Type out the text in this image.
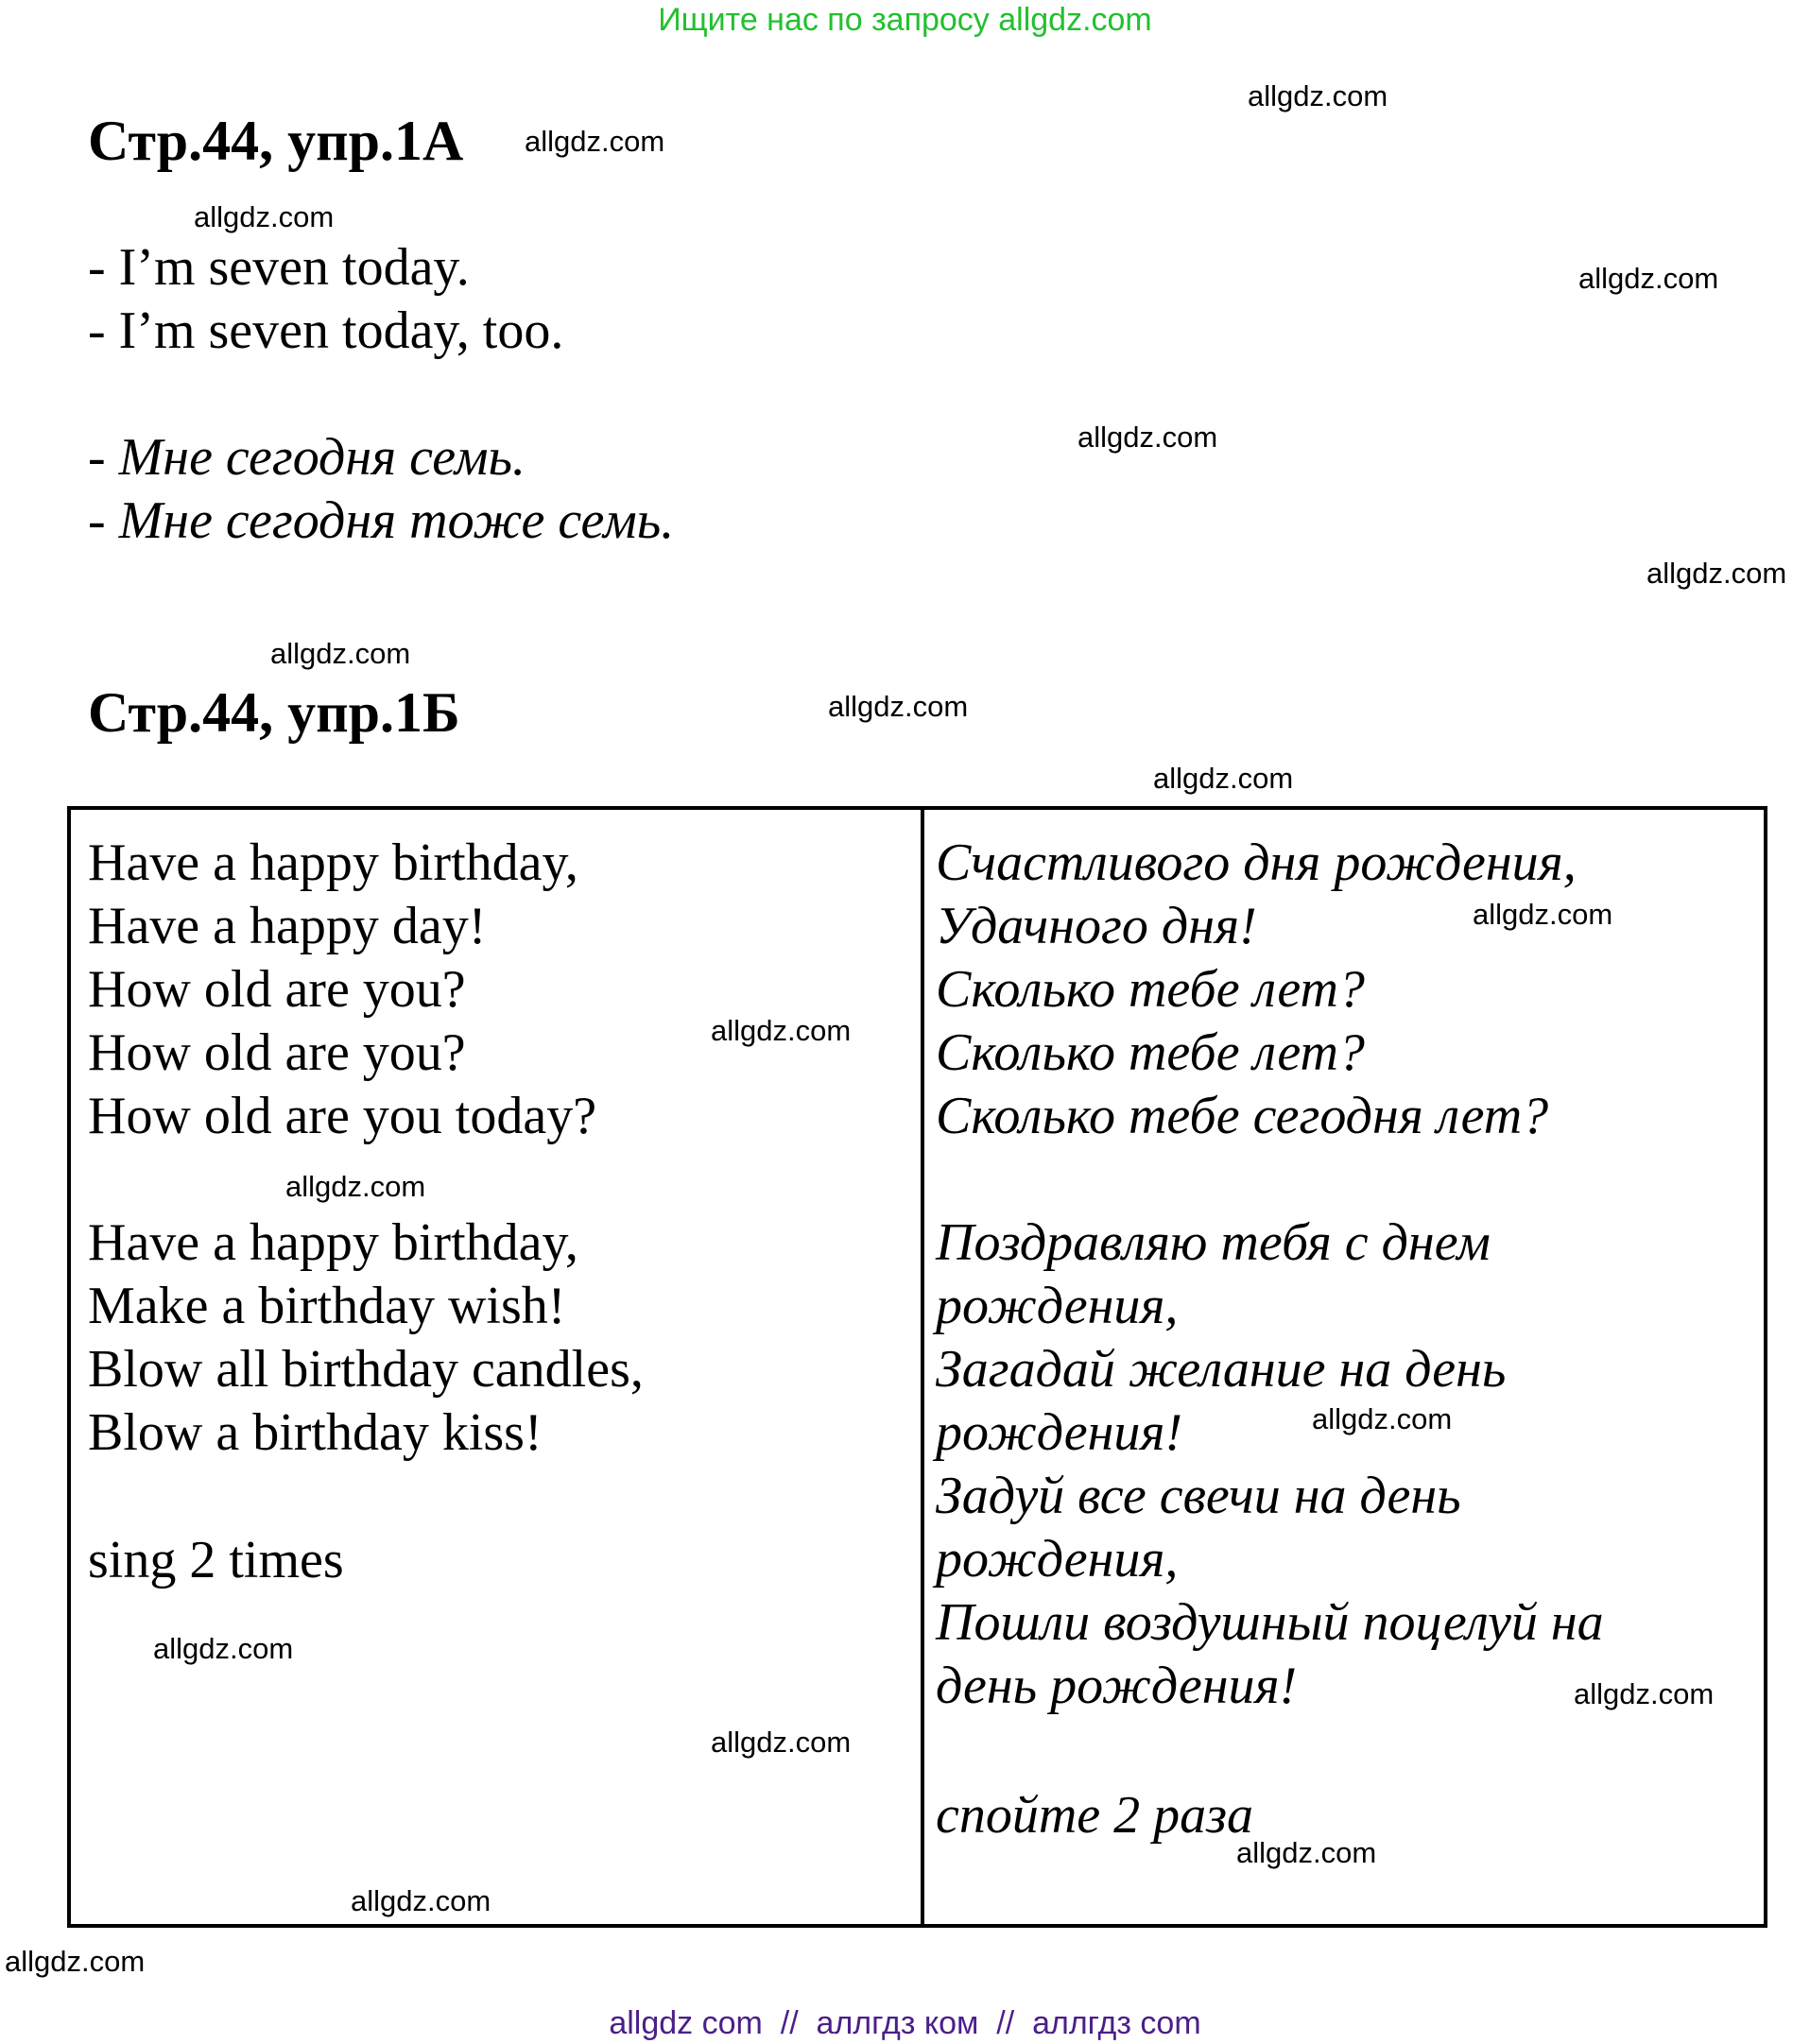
Ищите нас по запросу allgdz.com
Стр.44, упр.1А
- I’m seven today.
- I’m seven today, too.
- Мне сегодня семь.
- Мне сегодня тоже семь.
Стр.44, упр.1Б
Have a happy birthday,
Have a happy day!
How old are you?
How old are you?
How old are you today?
Have a happy birthday,
Make a birthday wish!
Blow all birthday candles,
Blow a birthday kiss!
sing 2 times
Счастливого дня рождения,
Удачного дня!
Сколько тебе лет?
Сколько тебе лет?
Сколько тебе сегодня лет?
Поздравляю тебя с днем
рождения,
Загадай желание на день
рождения!
Задуй все свечи на день
рождения,
Пошли воздушный поцелуй на
день рождения!
спойте 2 раза
allgdz.com
allgdz.com
allgdz.com
allgdz.com
allgdz.com
allgdz.com
allgdz.com
allgdz.com
allgdz.com
allgdz.com
allgdz.com
allgdz.com
allgdz.com
allgdz.com
allgdz.com
allgdz.com
allgdz.com
allgdz.com
allgdz.com
allgdz com  //  аллгдз ком  //  аллгдз com
